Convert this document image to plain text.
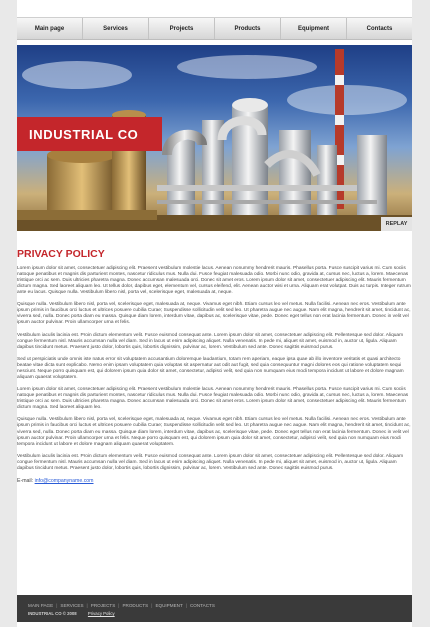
Main page	Services	Projects	Products	Equipment	Contacts
INDUSTRIAL CO
REPLAY
PRIVACY POLICY

Lorem ipsum dolor sit amet, consectetuer adipiscing elit. Praesent vestibulum molestie lacus. Aenean nonummy hendrerit mauris. Phasellus porta. Fusce suscipit varius mi. Cum sociis natoque penatibus et magnis dis parturient montes, nascetur ridiculus mus. Nulla dui. Fusce feugiat malesuada odio. Morbi nunc odio, gravida at, cursus nec, luctus a, lorem. Maecenas tristique orci ac sem. Duis ultricies pharetra magna. Donec accumsan malesuada orci. Donec sit amet eros. Lorem ipsum dolor sit amet, consectetuer adipiscing elit. Mauris fermentum dictum magna. Sed laoreet aliquam leo. Ut tellus dolor, dapibus eget, elementum vel, cursus eleifend, elit. Aenean auctor wisi et urna. Aliquam erat volutpat. Duis ac turpis. Integer rutrum ante eu lacus. Quisque nulla. Vestibulum libero nisl, porta vel, scelerisque eget, malesuada at, neque.

Quisque nulla. Vestibulum libero nisl, porta vel, scelerisque eget, malesuada at, neque. Vivamus eget nibh. Etiam cursus leo vel metus. Nulla facilisi. Aenean nec eros. Vestibulum ante ipsum primis in faucibus orci luctus et ultrices posuere cubilia Curae; Suspendisse sollicitudin velit sed leo. Ut pharetra augue nec augue. Nam elit magna, hendrerit sit amet, tincidunt ac, viverra sed, nulla. Donec porta diam eu massa. Quisque diam lorem, interdum vitae, dapibus ac, scelerisque vitae, pede. Donec eget tellus non erat lacinia fermentum. Donec in velit vel ipsum auctor pulvinar. Proin ullamcorper urna et felis.

Vestibulum iaculis lacinia est. Proin dictum elementum velit. Fusce euismod consequat ante. Lorem ipsum dolor sit amet, consectetuer adipiscing elit. Pellentesque sed dolor. Aliquam congue fermentum nisl. Mauris accumsan nulla vel diam. Sed in lacus ut enim adipiscing aliquet. Nulla venenatis. In pede mi, aliquet sit amet, euismod in, auctor ut, ligula. Aliquam dapibus tincidunt metus. Praesent justo dolor, lobortis quis, lobortis dignissim, pulvinar ac, lorem. Vestibulum sed ante. Donec sagittis euismod purus.

Sed ut perspiciatis unde omnis iste natus error sit voluptatem accusantium doloremque laudantium, totam rem aperiam, eaque ipsa quae ab illo inventore veritatis et quasi architecto beatae vitae dicta sunt explicabo. Nemo enim ipsam voluptatem quia voluptas sit aspernatur aut odit aut fugit, sed quia consequuntur magni dolores eos qui ratione voluptatem sequi nesciunt. Neque porro quisquam est, qui dolorem ipsum quia dolor sit amet, consectetur, adipisci velit, sed quia non numquam eius modi tempora incidunt ut labore et dolore magnam aliquam quaerat voluptatem.

Lorem ipsum dolor sit amet, consectetuer adipiscing elit. Praesent vestibulum molestie lacus. Aenean nonummy hendrerit mauris. Phasellus porta. Fusce suscipit varius mi. Cum sociis natoque penatibus et magnis dis parturient montes, nascetur ridiculus mus. Nulla dui. Fusce feugiat malesuada odio. Morbi nunc odio, gravida at, cursus nec, luctus a, lorem. Maecenas tristique orci ac sem. Duis ultricies pharetra magna. Donec accumsan malesuada orci. Donec sit amet eros. Lorem ipsum dolor sit amet, consectetuer adipiscing elit. Mauris fermentum dictum magna. Sed laoreet aliquam leo.

Quisque nulla. Vestibulum libero nisl, porta vel, scelerisque eget, malesuada at, neque. Vivamus eget nibh. Etiam cursus leo vel metus. Nulla facilisi. Aenean nec eros. Vestibulum ante ipsum primis in faucibus orci luctus et ultrices posuere cubilia Curae; Suspendisse sollicitudin velit sed leo. Ut pharetra augue nec augue. Nam elit magna, hendrerit sit amet, tincidunt ac, viverra sed, nulla. Donec porta diam eu massa. Quisque diam lorem, interdum vitae, dapibus ac, scelerisque vitae, pede. Donec eget tellus non erat lacinia fermentum. Donec in velit vel ipsum auctor pulvinar. Proin ullamcorper urna et felis. Neque porro quisquam est, qui dolorem ipsum quia dolor sit amet, consectetur, adipisci velit, sed quia non numquam eius modi tempora incidunt ut labore et dolore magnam aliquam quaerat voluptatem.

Vestibulum iaculis lacinia est. Proin dictum elementum velit. Fusce euismod consequat ante. Lorem ipsum dolor sit amet, consectetuer adipiscing elit. Pellentesque sed dolor. Aliquam congue fermentum nisl. Mauris accumsan nulla vel diam. Sed in lacus ut enim adipiscing aliquet. Nulla venenatis. In pede mi, aliquet sit amet, euismod in, auctor ut, ligula. Aliquam dapibus tincidunt metus. Praesent justo dolor, lobortis quis, lobortis dignissim, pulvinar ac, lorem. Vestibulum sed ante. Donec sagittis euismod purus.

E-mail: info@companyname.com
MAIN PAGE | SERVICES | PROJECTS | PRODUCTS | EQUIPMENT | CONTACTS
INDUSTRIAL CO © 2008	Privacy Policy
